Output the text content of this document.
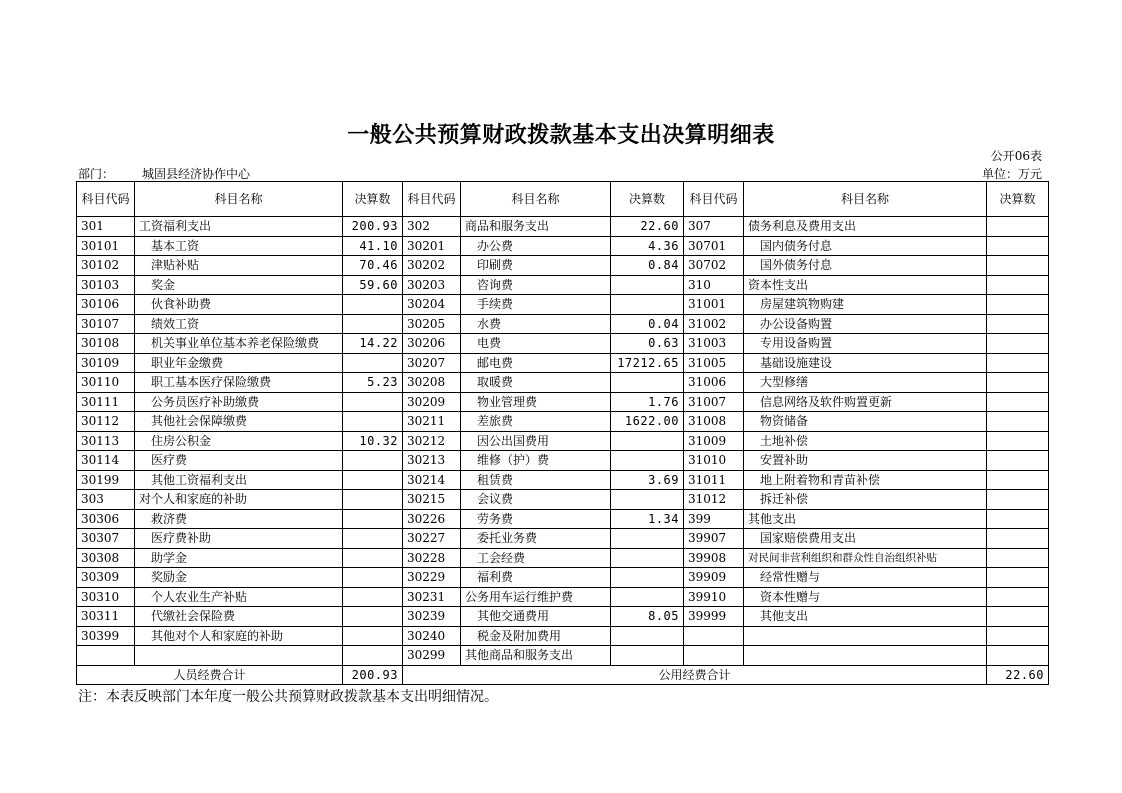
一般公共预算财政拨款基本支出决算明细表
公开06表
部门： 城固县经济协作中心	单位：万元
科目代码	科目名称	决算数	科目代码	科目名称	决算数	科目代码	科目名称	决算数
301	工资福利支出	200.93	302	商品和服务支出	22.60	307	债务利息及费用支出	
30101	基本工资	41.10	30201	办公费	4.36	30701	国内债务付息	
30102	津贴补贴	70.46	30202	印刷费	0.84	30702	国外债务付息	
30103	奖金	59.60	30203	咨询费		310	资本性支出	
30106	伙食补助费		30204	手续费		31001	房屋建筑物购建	
30107	绩效工资		30205	水费	0.04	31002	办公设备购置	
30108	机关事业单位基本养老保险缴费	14.22	30206	电费	0.63	31003	专用设备购置	
30109	职业年金缴费		30207	邮电费	17212.65	31005	基础设施建设	
30110	职工基本医疗保险缴费	5.23	30208	取暖费		31006	大型修缮	
30111	公务员医疗补助缴费		30209	物业管理费	1.76	31007	信息网络及软件购置更新	
30112	其他社会保障缴费		30211	差旅费	1622.00	31008	物资储备	
30113	住房公积金	10.32	30212	因公出国费用		31009	土地补偿	
30114	医疗费		30213	维修（护）费		31010	安置补助	
30199	其他工资福利支出		30214	租赁费	3.69	31011	地上附着物和青苗补偿	
303	对个人和家庭的补助		30215	会议费		31012	拆迁补偿	
30306	救济费		30226	劳务费	1.34	399	其他支出	
30307	医疗费补助		30227	委托业务费		39907	国家赔偿费用支出	
30308	助学金		30228	工会经费		39908	对民间非营利组织和群众性自治组织补贴	
30309	奖励金		30229	福利费		39909	经常性赠与	
30310	个人农业生产补贴		30231	公务用车运行维护费		39910	资本性赠与	
30311	代缴社会保险费		30239	其他交通费用	8.05	39999	其他支出	
30399	其他对个人和家庭的补助		30240	税金及附加费用				
			30299	其他商品和服务支出				
人员经费合计		200.93	公用经费合计					22.60
注：本表反映部门本年度一般公共预算财政拨款基本支出明细情况。
